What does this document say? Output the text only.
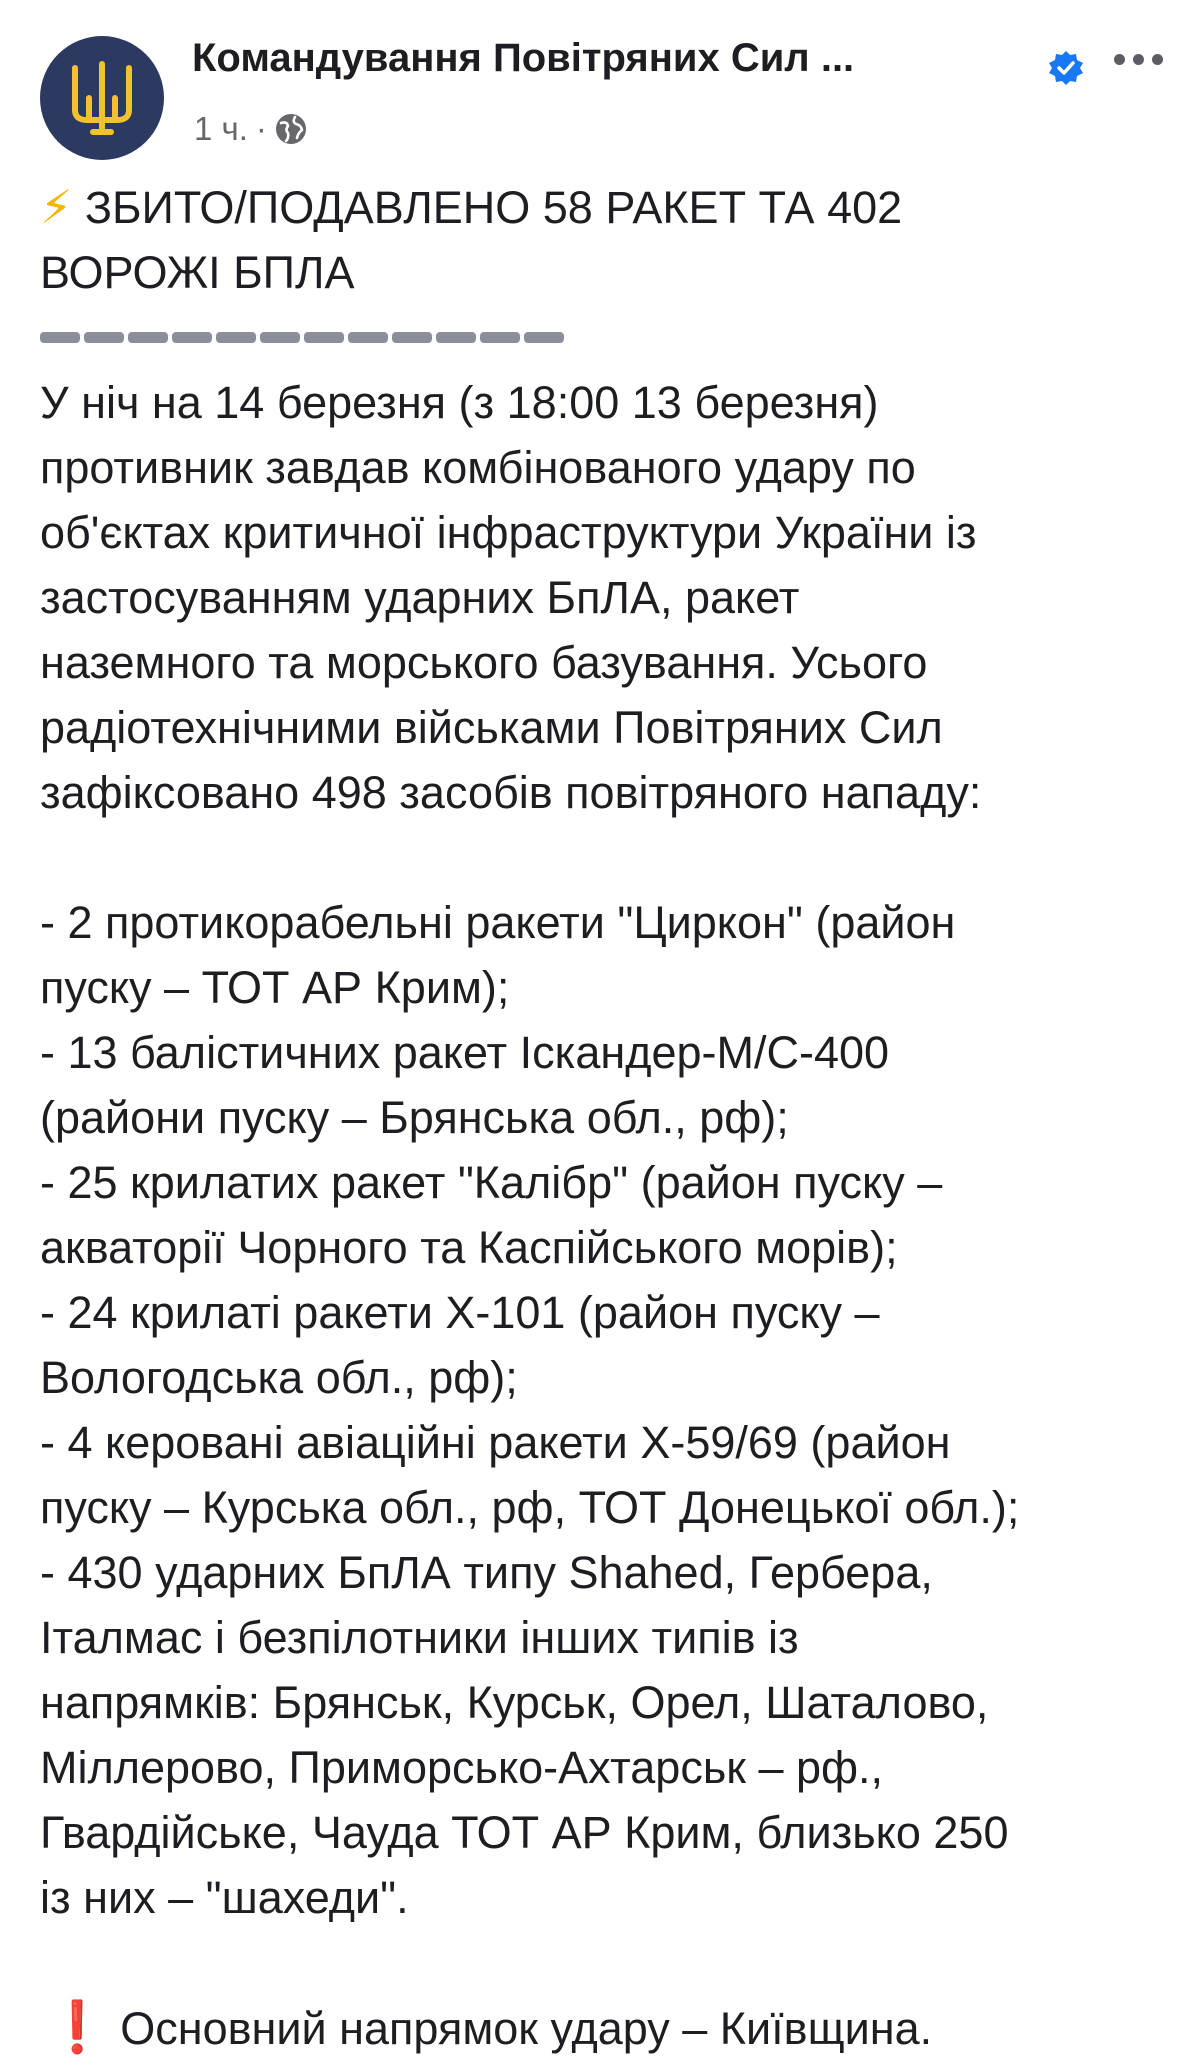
Командування Повітряних Сил ...
1 ч. ·
⚡ ЗБИТО/ПОДАВЛЕНО 58 РАКЕТ ТА 402
ВОРОЖІ БПЛА
У ніч на 14 березня (з 18:00 13 березня)
противник завдав комбінованого удару по
об'єктах критичної інфраструктури України із
застосуванням ударних БпЛА, ракет
наземного та морського базування. Усього
радіотехнічними військами Повітряних Сил
зафіксовано 498 засобів повітряного нападу:
- 2 протикорабельні ракети "Циркон" (район
пуску – ТОТ АР Крим);
- 13 балістичних ракет Іскандер-М/С-400
(райони пуску – Брянська обл., рф);
- 25 крилатих ракет "Калібр" (район пуску –
акваторії Чорного та Каспійського морів);
- 24 крилаті ракети Х-101 (район пуску –
Вологодська обл., рф);
- 4 керовані авіаційні ракети Х-59/69 (район
пуску – Курська обл., рф, ТОТ Донецької обл.);
- 430 ударних БпЛА типу Shahed, Гербера,
Італмас і безпілотники інших типів із
напрямків: Брянськ, Курськ, Орел, Шаталово,
Міллерово, Приморсько-Ахтарськ – рф.,
Гвардійське, Чауда ТОТ АР Крим, близько 250
із них – "шахеди".
❗ Основний напрямок удару – Київщина.
